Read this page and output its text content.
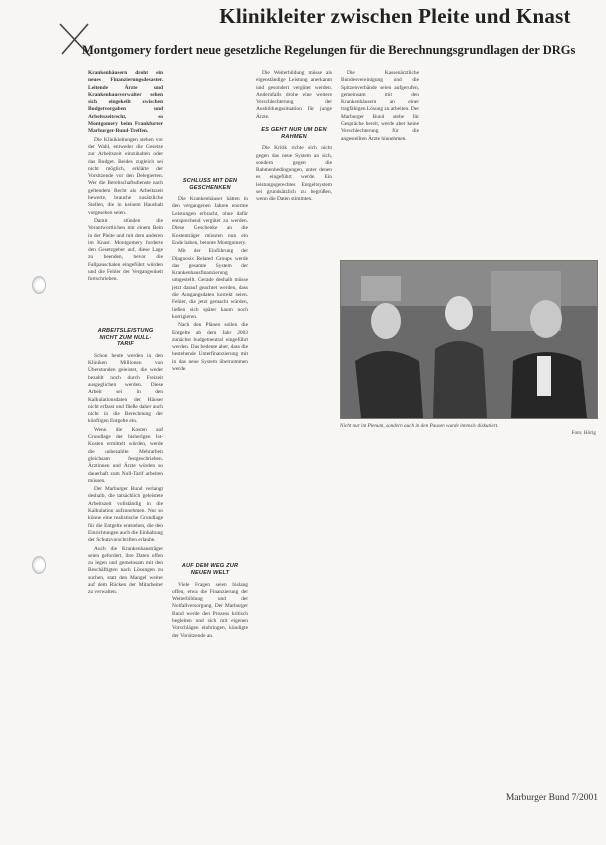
Klinikleiter zwischen Pleite und Knast
Montgomery fordert neue gesetzliche Regelungen für die Berechnungsgrundlagen der DRGs

Krankenhäusern droht ein neues Finanzierungsdesaster. Leitende Ärzte und Krankenhausverwalter sehen sich eingekeilt zwischen Budgetvorgaben und Arbeitszeitrecht, so Montgomery beim Frankfurter Marburger-Bund-Treffen.

Die Klinikleitungen stehen vor der Wahl, entweder die Gesetze zur Arbeitszeit einzuhalten oder das Budget. Beides zugleich sei nicht möglich, erklärte der Vorsitzende vor den Delegierten. Wer die Bereitschaftsdienste nach geltendem Recht als Arbeitszeit bewerte, brauche zusätzliche Stellen, die in keinem Haushalt vorgesehen seien.

Damit stünden die Verantwortlichen mit einem Bein in der Pleite und mit dem anderen im Knast. Montgomery forderte den Gesetzgeber auf, diese Lage zu beenden, bevor die Fallpauschalen eingeführt würden und die Fehler der Vergangenheit fortschrieben.

ARBEITSLEISTUNG NICHT ZUM NULL-TARIF

Schon heute werden in den Kliniken Millionen von Überstunden geleistet, die weder bezahlt noch durch Freizeit ausgeglichen werden. Diese Arbeit sei in den Kalkulationsdaten der Häuser nicht erfasst und fließe daher auch nicht in die Berechnung der künftigen Entgelte ein.

Wenn die Kosten auf Grundlage der bisherigen Ist-Kosten ermittelt würden, werde die unbezahlte Mehrarbeit gleichsam festgeschrieben. Ärztinnen und Ärzte würden so dauerhaft zum Null-Tarif arbeiten müssen.

Der Marburger Bund verlangt deshalb, die tatsächlich geleistete Arbeitszeit vollständig in die Kalkulation aufzunehmen. Nur so könne eine realistische Grundlage für die Entgelte entstehen, die den Einrichtungen auch die Einhaltung der Schutzvorschriften erlaube.

Auch die Krankenhausträger seien gefordert, ihre Daten offen zu legen und gemeinsam mit den Beschäftigten nach Lösungen zu suchen, statt den Mangel weiter auf dem Rücken der Mitarbeiter zu verwalten.

SCHLUSS MIT DEN GESCHENKEN

Die Krankenhäuser hätten in den vergangenen Jahren enorme Leistungen erbracht, ohne dafür entsprechend vergütet zu werden. Diese Geschenke an die Kostenträger müssten nun ein Ende haben, betonte Montgomery.

Mit der Einführung der Diagnosis Related Groups werde das gesamte System der Krankenhausfinanzierung umgestellt. Gerade deshalb müsse jetzt darauf geachtet werden, dass die Ausgangsdaten korrekt seien. Fehler, die jetzt gemacht würden, ließen sich später kaum noch korrigieren.

Nach den Plänen sollen die Entgelte ab dem Jahr 2003 zunächst budgetneutral eingeführt werden. Das bedeute aber, dass die bestehende Unterfinanzierung mit in das neue System übernommen werde.

AUF DEM WEG ZUR NEUEN WELT

Viele Fragen seien bislang offen, etwa die Finanzierung der Weiterbildung und der Notfallversorgung. Der Marburger Bund werde den Prozess kritisch begleiten und sich mit eigenen Vorschlägen einbringen, kündigte der Vorsitzende an.

Die Weiterbildung müsse als eigenständige Leistung anerkannt und gesondert vergütet werden. Andernfalls drohe eine weitere Verschlechterung der Ausbildungssituation für junge Ärzte.

ES GEHT NUR UM DEN RAHMEN

Die Kritik richte sich nicht gegen das neue System an sich, sondern gegen die Rahmenbedingungen, unter denen es eingeführt werde. Ein leistungsgerechtes Entgeltsystem sei grundsätzlich zu begrüßen, wenn die Daten stimmten.

Die Kassenärztliche Bundesvereinigung und die Spitzenverbände seien aufgerufen, gemeinsam mit den Krankenhäusern an einer tragfähigen Lösung zu arbeiten. Der Marburger Bund stehe für Gespräche bereit, werde aber keine Verschlechterung für die angestellten Ärzte hinnehmen.

Nicht nur im Plenum, sondern auch in den Pausen wurde intensiv diskutiert.
Foto: Hörig
Marburger Bund 7/2001
